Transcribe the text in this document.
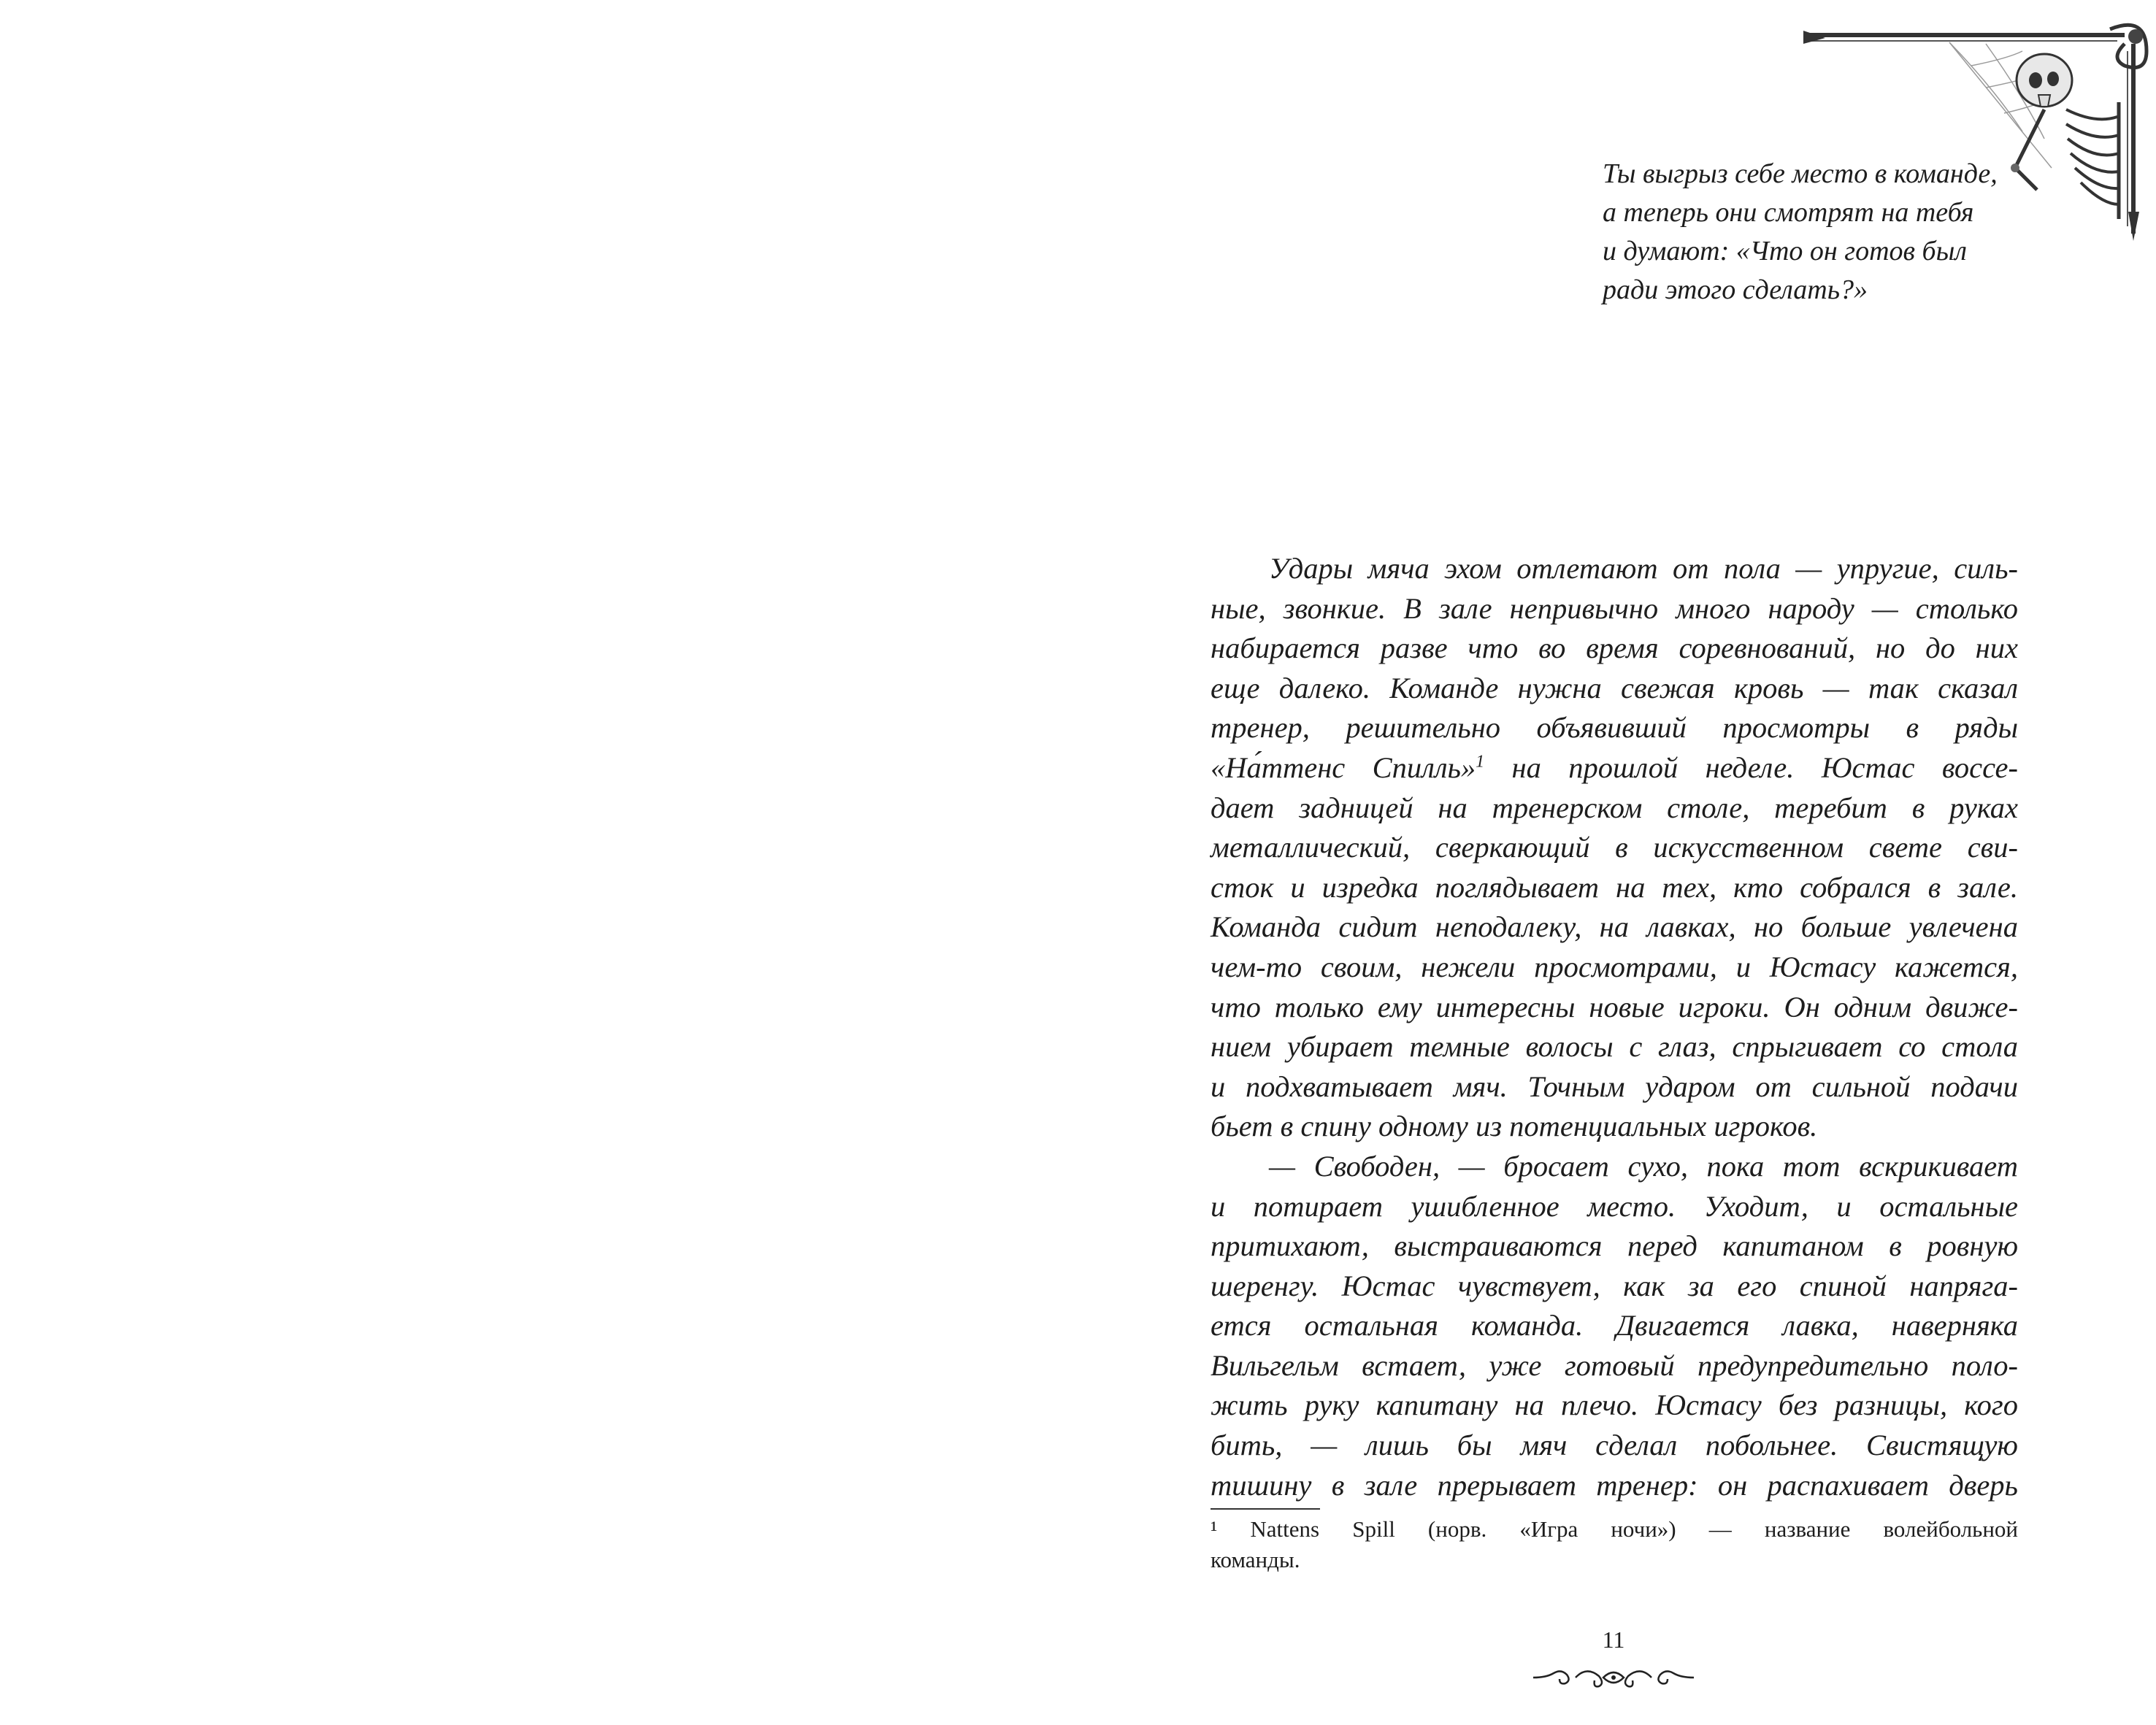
Ты выгрыз себе место в команде,
а теперь они смотрят на тебя
и думают: «Что он готов был
ради этого сделать?»
Удары мяча эхом отлетают от пола — упругие, силь-
ные, звонкие. В зале непривычно много народу — столько
набирается разве что во время соревнований, но до них
еще далеко. Команде нужна свежая кровь — так сказал
тренер, решительно объявивший просмотры в ряды
«На́ттенс Спилль»$^1$ на прошлой неделе. Юстас воссе-
дает задницей на тренерском столе, теребит в руках
металлический, сверкающий в искусственном свете сви-
сток и изредка поглядывает на тех, кто собрался в зале.
Команда сидит неподалеку, на лавках, но больше увлечена
чем-то своим, нежели просмотрами, и Юстасу кажется,
что только ему интересны новые игроки. Он одним движе-
нием убирает темные волосы с глаз, спрыгивает со стола
и подхватывает мяч. Точным ударом от сильной подачи
бьет в спину одному из потенциальных игроков.
— Свободен, — бросает сухо, пока тот вскрикивает
и потирает ушибленное место. Уходит, и остальные
притихают, выстраиваются перед капитаном в ровную
шеренгу. Юстас чувствует, как за его спиной напряга-
ется остальная команда. Двигается лавка, наверняка
Вильгельм встает, уже готовый предупредительно поло-
жить руку капитану на плечо. Юстасу без разницы, кого
бить, — лишь бы мяч сделал побольнее. Свистящую
тишину в зале прерывает тренер: он распахивает дверь
¹ Nattens Spill (норв. «Игра ночи») — название волейбольной
команды.
11
